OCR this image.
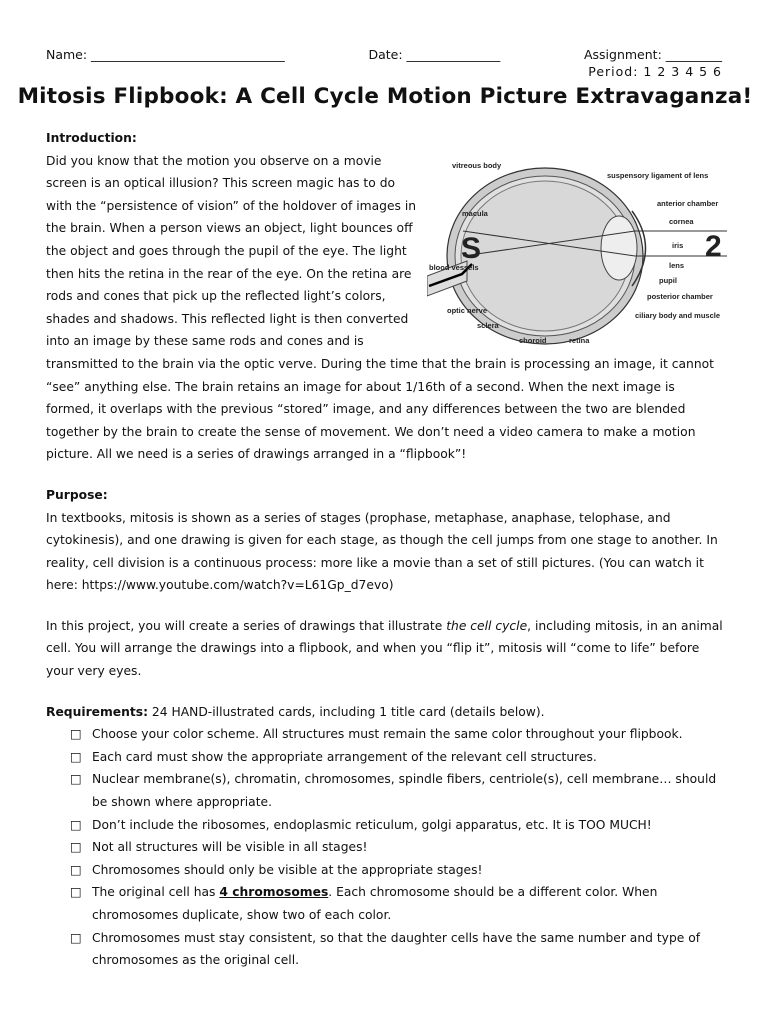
Name: _______________________________	Date: _______________	Assignment: _________
Period: 1 2 3 4 5 6
Mitosis Flipbook: A Cell Cycle Motion Picture Extravaganza!
Introduction:
S	2
vitreous body
suspensory ligament of lens
macula
anterior chamber
cornea
blood vessels
iris
lens
pupil
posterior chamber
optic nerve
ciliary body and muscle
sclera
choroid	retina

Did you know that the motion you observe on a movie screen is an optical illusion? This screen magic has to do with the “persistence of vision” of the holdover of images in the brain. When a person views an object, light bounces off the object and goes through the pupil of the eye. The light then hits the retina in the rear of the eye. On the retina are rods and cones that pick up the reflected light’s colors, shades and shadows. This reflected light is then converted into an image by these same rods and cones and is transmitted to the brain via the optic verve. During the time that the brain is processing an image, it cannot “see” anything else. The brain retains an image for about 1/16th of a second. When the next image is formed, it overlaps with the previous “stored” image, and any differences between the two are blended together by the brain to create the sense of movement. We don’t need a video camera to make a motion picture. All we need is a series of drawings arranged in a “flipbook”!

Purpose:

In textbooks, mitosis is shown as a series of stages (prophase, metaphase, anaphase, telophase, and cytokinesis), and one drawing is given for each stage, as though the cell jumps from one stage to another. In reality, cell division is a continuous process: more like a movie than a set of still pictures. (You can watch it here: https://www.youtube.com/watch?v=L61Gp_d7evo)

In this project, you will create a series of drawings that illustrate the cell cycle, including mitosis, in an animal cell. You will arrange the drawings into a flipbook, and when you “flip it”, mitosis will “come to life” before your very eyes.

Requirements: 24 HAND-illustrated cards, including 1 title card (details below).

□ Choose your color scheme. All structures must remain the same color throughout your flipbook.
□ Each card must show the appropriate arrangement of the relevant cell structures.
□ Nuclear membrane(s), chromatin, chromosomes, spindle fibers, centriole(s), cell membrane… should be shown where appropriate.
□ Don’t include the ribosomes, endoplasmic reticulum, golgi apparatus, etc. It is TOO MUCH!
□ Not all structures will be visible in all stages!
□ Chromosomes should only be visible at the appropriate stages!
□ The original cell has 4 chromosomes. Each chromosome should be a different color. When chromosomes duplicate, show two of each color.
□ Chromosomes must stay consistent, so that the daughter cells have the same number and type of chromosomes as the original cell.
